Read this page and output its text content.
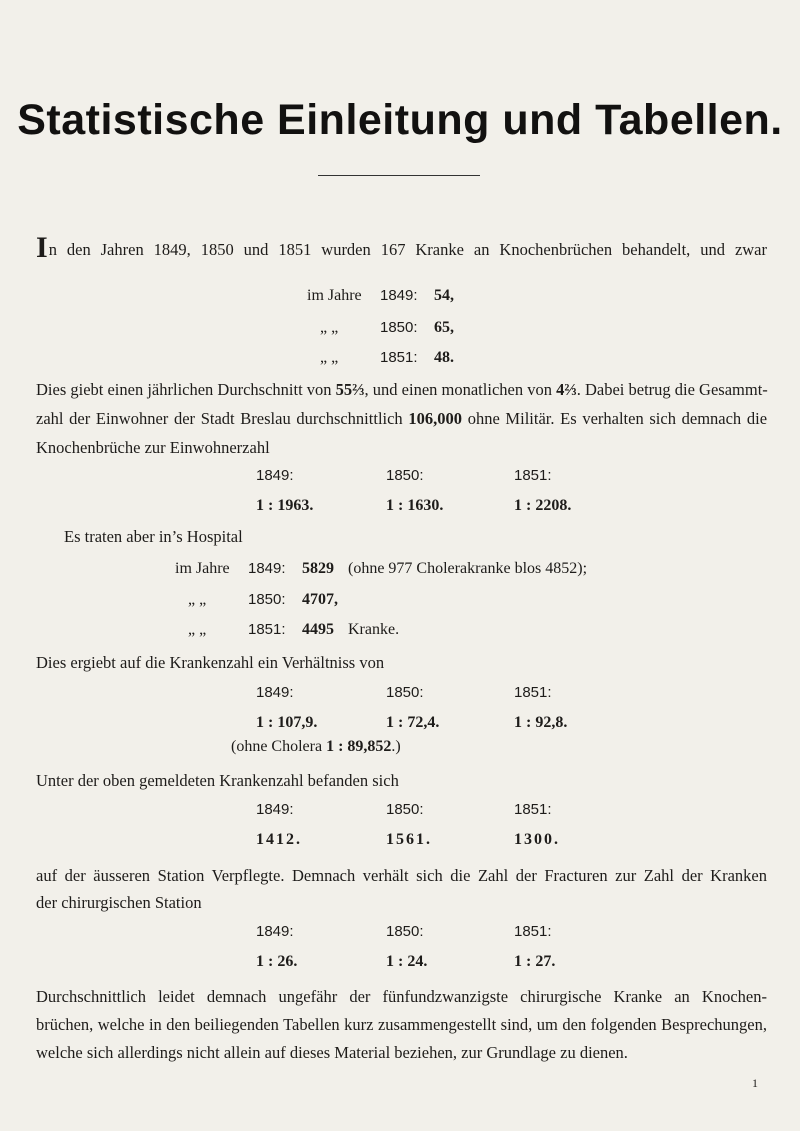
Statistische Einleitung und Tabellen.
In den Jahren 1849, 1850 und 1851 wurden 167 Kranke an Knochenbrüchen behandelt, und zwar
im Jahre 1849: 54,
„ „	1850: 65,
„ „	1851: 48.
Dies giebt einen jährlichen Durchschnitt von 55⅔, und einen monatlichen von 4⅔. Dabei betrug die Gesammt-
zahl der Einwohner der Stadt Breslau durchschnittlich 106,000 ohne Militär. Es verhalten sich demnach die
Knochenbrüche zur Einwohnerzahl
1849:	1850:	1851:
1 : 1963.	1 : 1630.	1 : 2208.
Es traten aber in’s Hospital
im Jahre 1849: 5829 (ohne 977 Cholerakranke blos 4852);
„ „	1850: 4707,
„ „	1851: 4495 Kranke.
Dies ergiebt auf die Krankenzahl ein Verhältniss von
1849:	1850:	1851:
1 : 107,9.	1 : 72,4.	1 : 92,8.
(ohne Cholera 1 : 89,852.)
Unter der oben gemeldeten Krankenzahl befanden sich
1849:	1850:	1851:
1412.	1561.	1300.
auf der äusseren Station Verpflegte. Demnach verhält sich die Zahl der Fracturen zur Zahl der Kranken
der chirurgischen Station
1849:	1850:	1851:
1 : 26.	1 : 24.	1 : 27.
Durchschnittlich leidet demnach ungefähr der fünfundzwanzigste chirurgische Kranke an Knochen-
brüchen, welche in den beiliegenden Tabellen kurz zusammengestellt sind, um den folgenden Besprechungen,
welche sich allerdings nicht allein auf dieses Material beziehen, zur Grundlage zu dienen.
1
